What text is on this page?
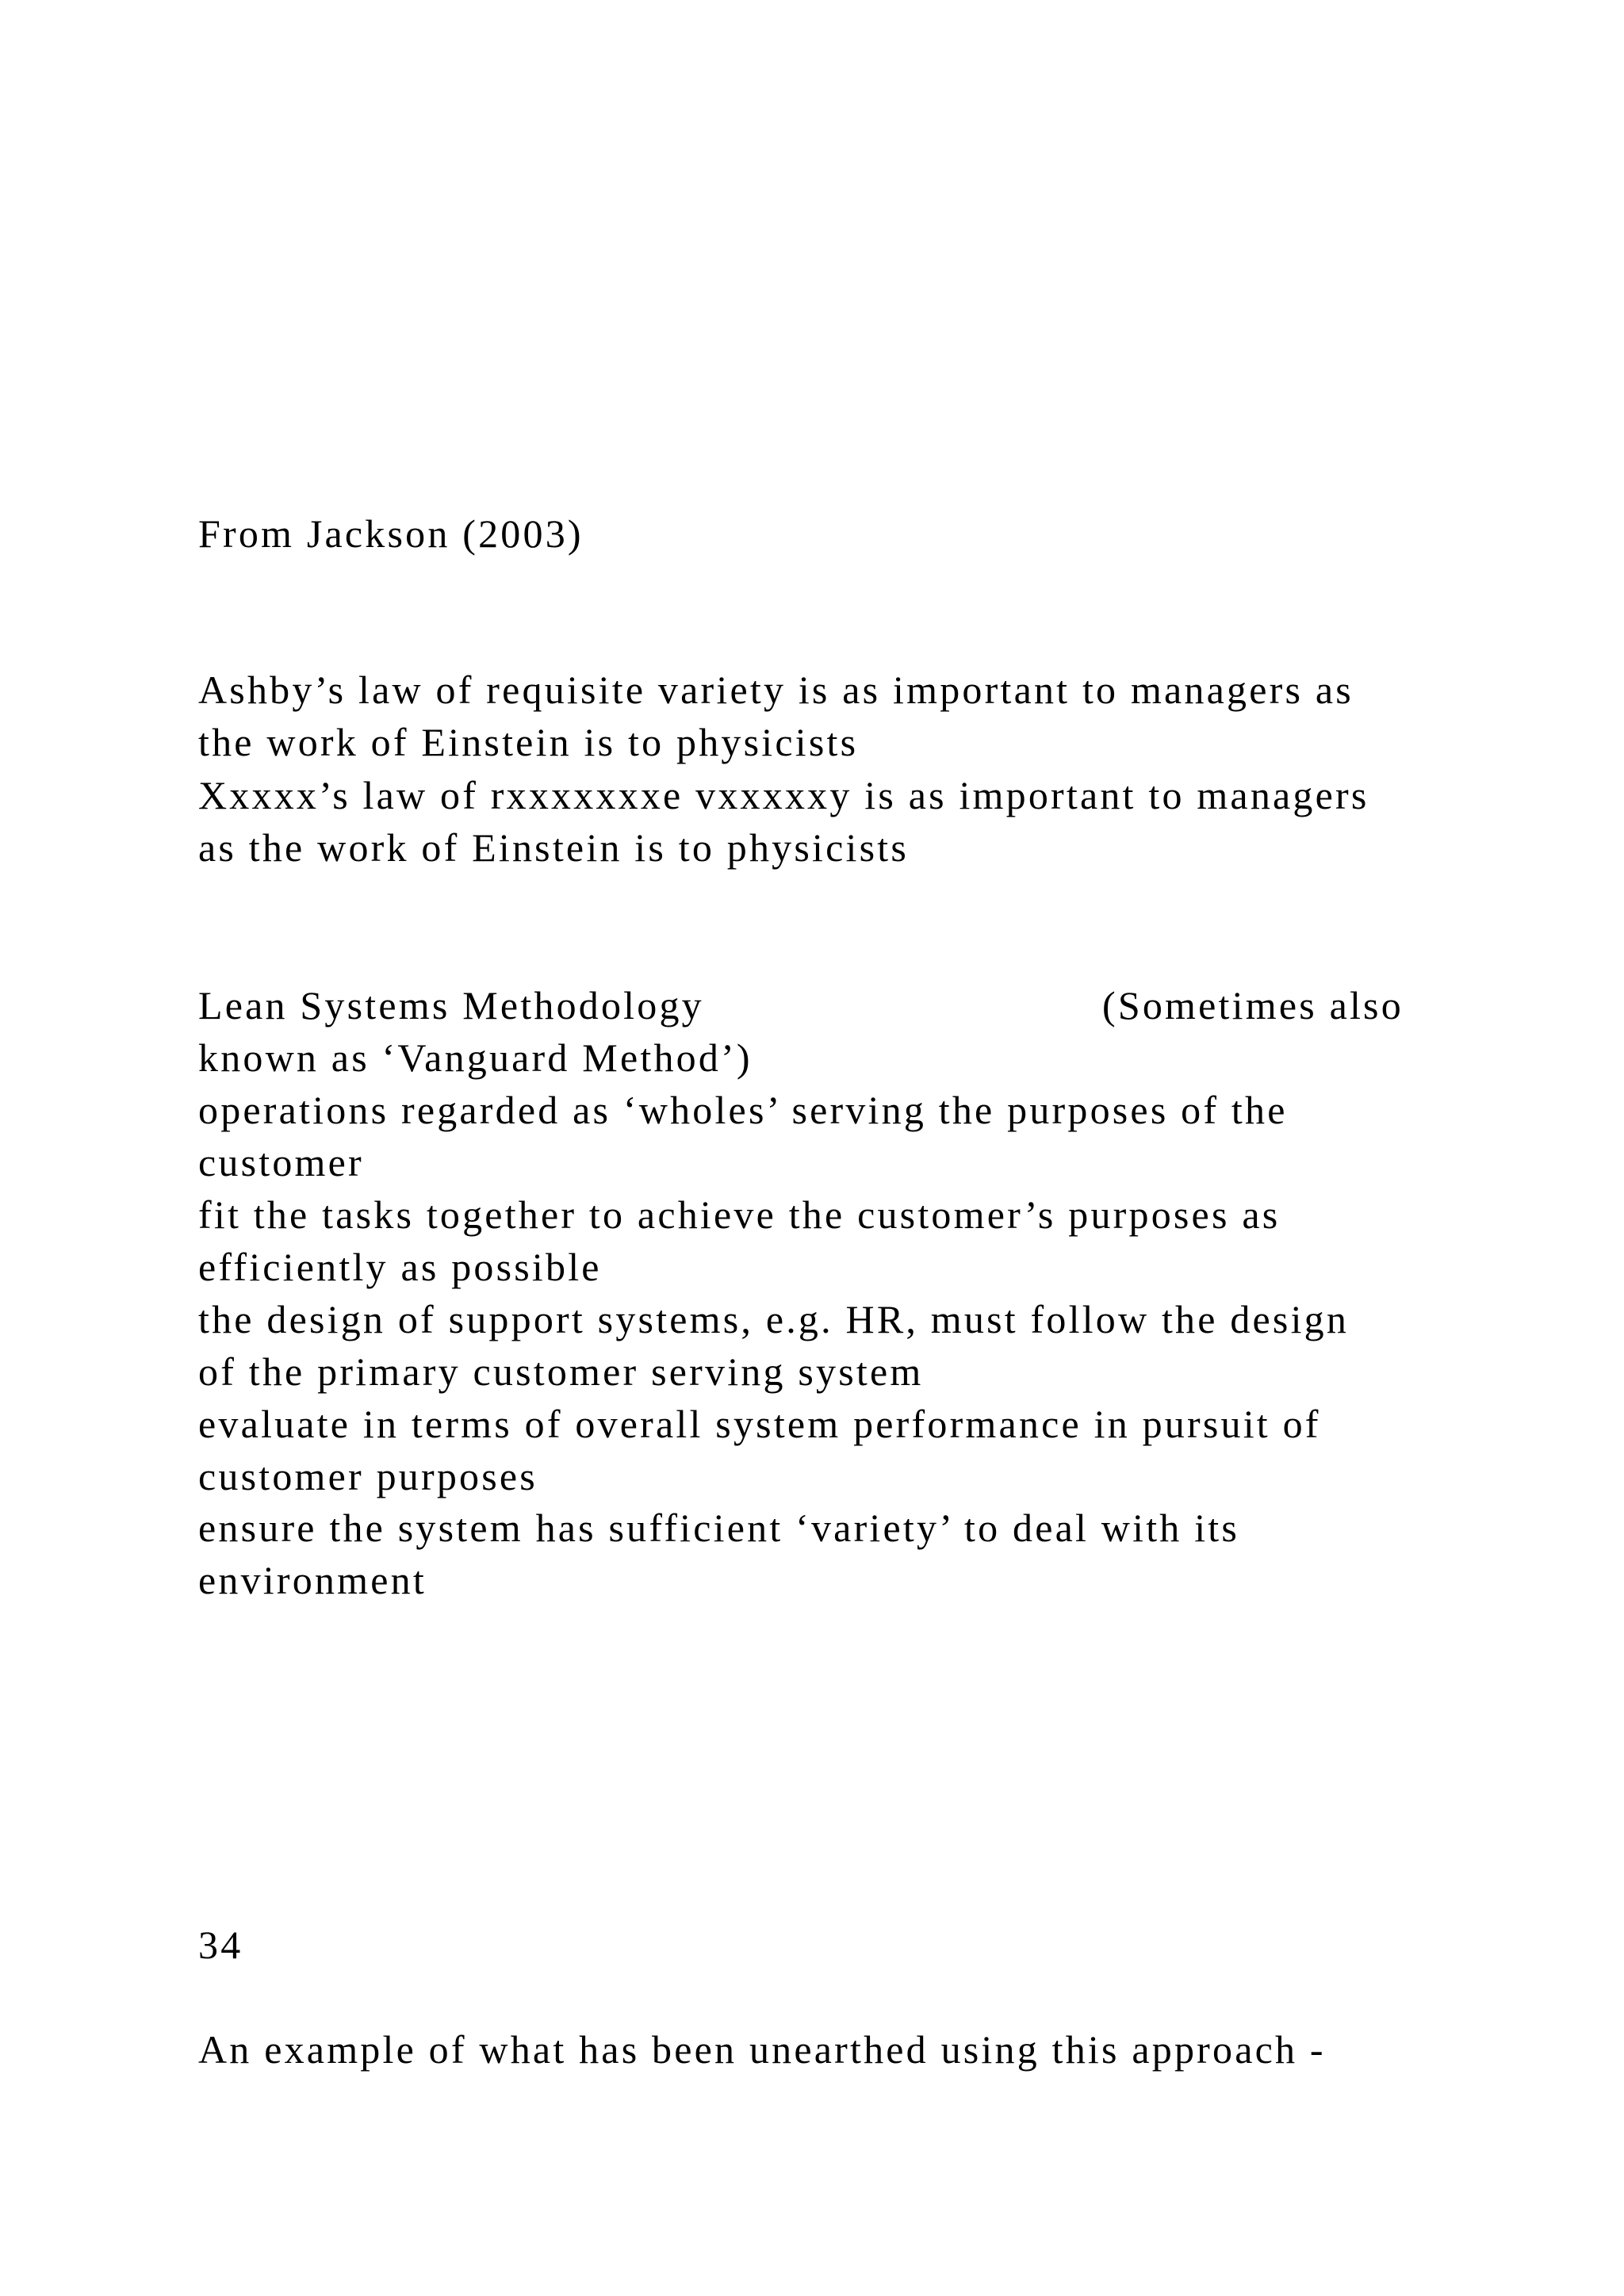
From Jackson (2003)
Ashby’s law of requisite variety is as important to managers as
the work of Einstein is to physicists
Xxxxx’s law of rxxxxxxxe vxxxxxy is as important to managers
as the work of Einstein is to physicists
Lean Systems Methodology	(Sometimes also
known as ‘Vanguard Method’)
operations regarded as ‘wholes’ serving the purposes of the
customer
fit the tasks together to achieve the customer’s purposes as
efficiently as possible
the design of support systems, e.g. HR, must follow the design
of the primary customer serving system
evaluate in terms of overall system performance in pursuit of
customer purposes
ensure the system has sufficient ‘variety’ to deal with its
environment
34
An example of what has been unearthed using this approach -
